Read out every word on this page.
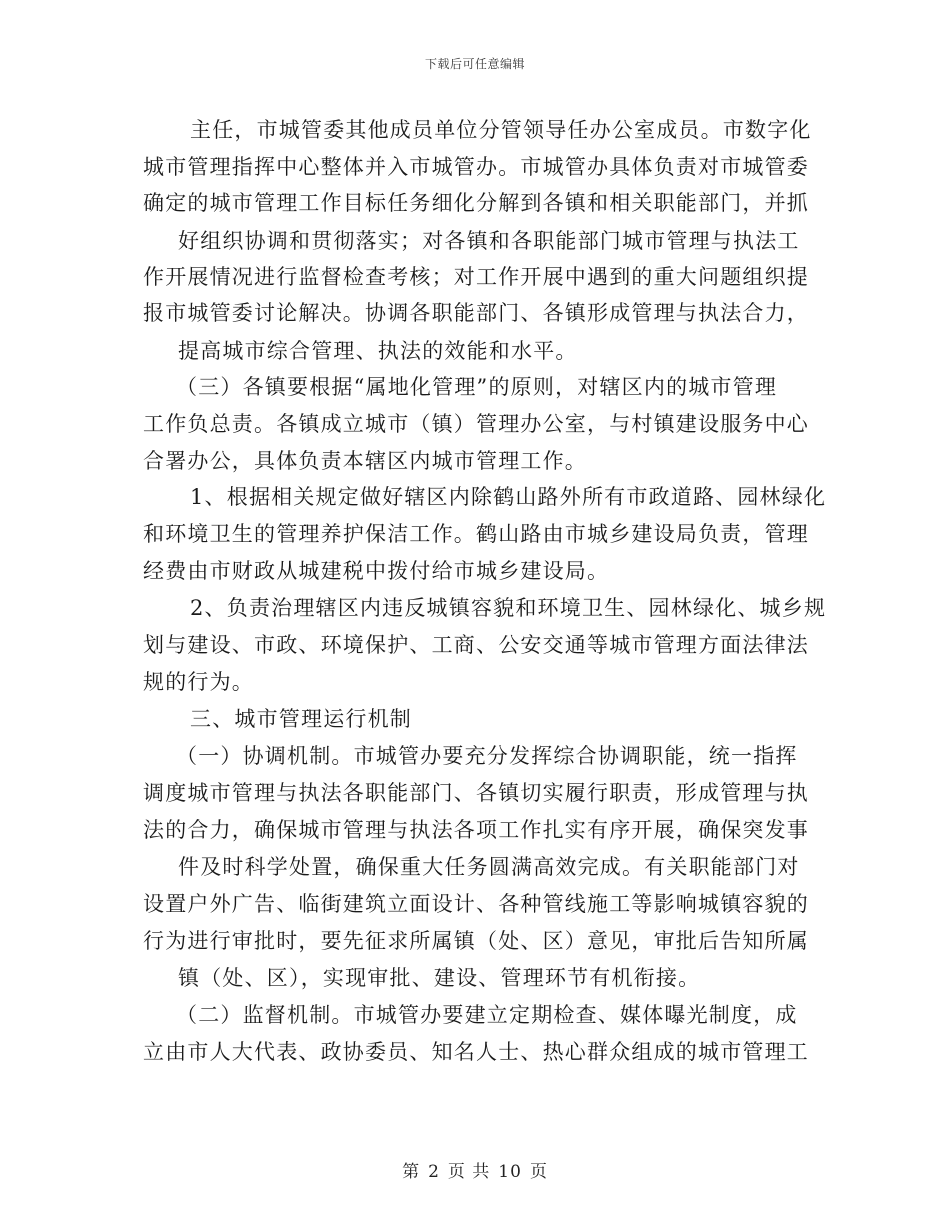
下载后可任意编辑
主任，市城管委其他成员单位分管领导任办公室成员。市数字化
城市管理指挥中心整体并入市城管办。市城管办具体负责对市城管委
确定的城市管理工作目标任务细化分解到各镇和相关职能部门，并抓
好组织协调和贯彻落实；对各镇和各职能部门城市管理与执法工
作开展情况进行监督检查考核；对工作开展中遇到的重大问题组织提
报市城管委讨论解决。协调各职能部门、各镇形成管理与执法合力，
提高城市综合管理、执法的效能和水平。
（三）各镇要根据“属地化管理”的原则，对辖区内的城市管理
工作负总责。各镇成立城市（镇）管理办公室，与村镇建设服务中心
合署办公，具体负责本辖区内城市管理工作。
1、根据相关规定做好辖区内除鹤山路外所有市政道路、园林绿化
和环境卫生的管理养护保洁工作。鹤山路由市城乡建设局负责，管理
经费由市财政从城建税中拨付给市城乡建设局。
2、负责治理辖区内违反城镇容貌和环境卫生、园林绿化、城乡规
划与建设、市政、环境保护、工商、公安交通等城市管理方面法律法
规的行为。
三、城市管理运行机制
（一）协调机制。市城管办要充分发挥综合协调职能，统一指挥
调度城市管理与执法各职能部门、各镇切实履行职责，形成管理与执
法的合力，确保城市管理与执法各项工作扎实有序开展，确保突发事
件及时科学处置，确保重大任务圆满高效完成。有关职能部门对
设置户外广告、临街建筑立面设计、各种管线施工等影响城镇容貌的
行为进行审批时，要先征求所属镇（处、区）意见，审批后告知所属
镇（处、区），实现审批、建设、管理环节有机衔接。
（二）监督机制。市城管办要建立定期检查、媒体曝光制度，成
立由市人大代表、政协委员、知名人士、热心群众组成的城市管理工
第 2 页 共 10 页
